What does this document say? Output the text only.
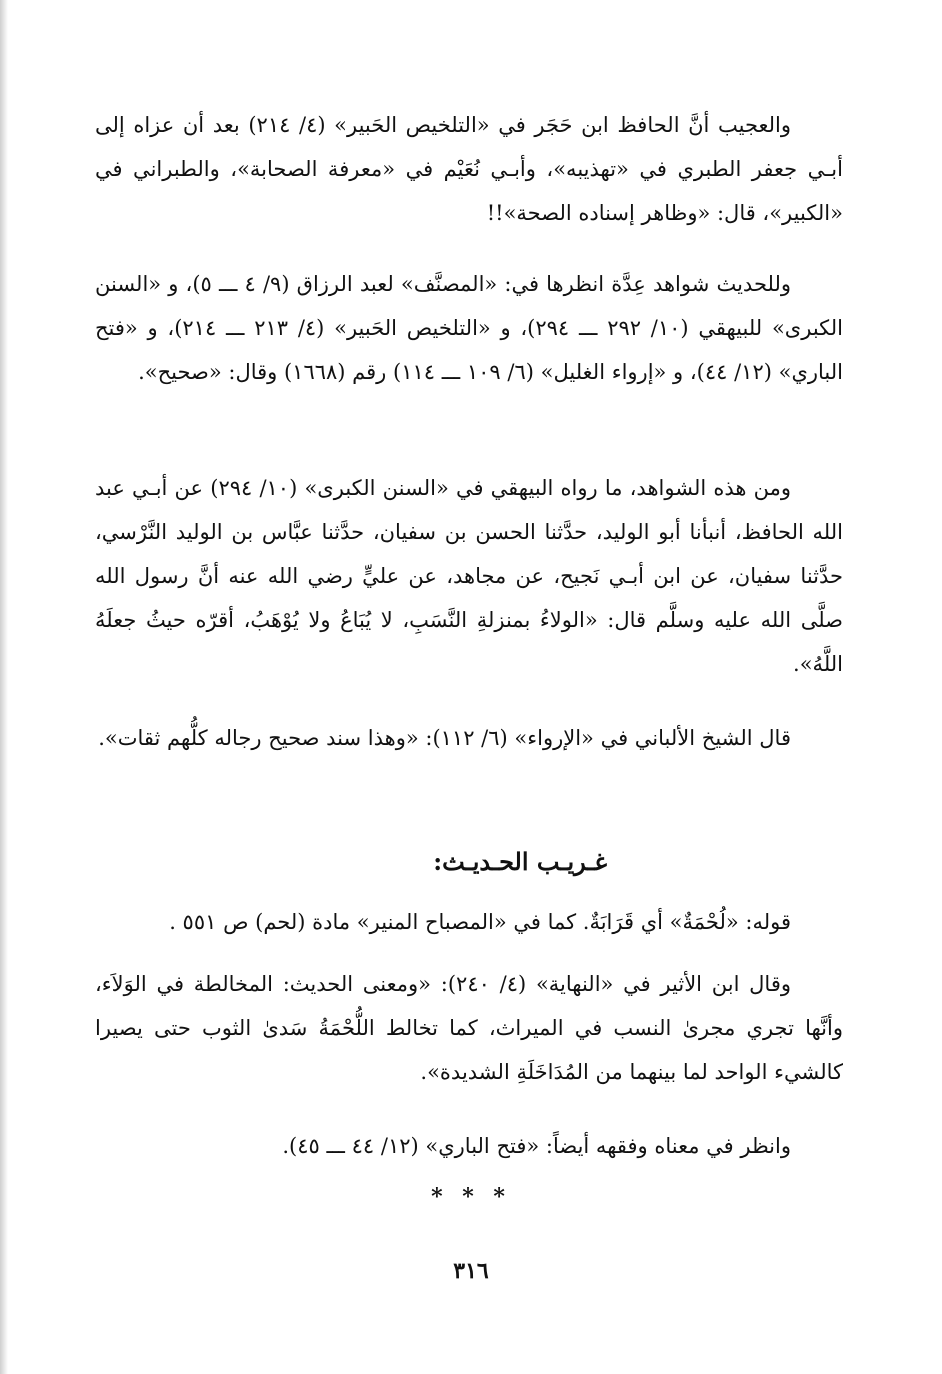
والعجيب أنَّ الحافظ ابن حَجَر في «التلخيص الحَبير» (٤/ ٢١٤) بعد أن عزاه إلى أبـي جعفر الطبري في «تهذيبه»، وأبـي نُعَيْم في «معرفة الصحابة»، والطبراني في «الكبير»، قال: «وظاهر إسناده الصحة»!!

وللحديث شواهد عِدَّة انظرها في: «المصنَّف» لعبد الرزاق (٩/ ٤ ـــ ٥)، و «السنن الكبرى» للبيهقي (١٠/ ٢٩٢ ـــ ٢٩٤)، و «التلخيص الحَبير» (٤/ ٢١٣ ـــ ٢١٤)، و «فتح الباري» (١٢/ ٤٤)، و «إرواء الغليل» (٦/ ١٠٩ ـــ ١١٤) رقم (١٦٦٨) وقال: «صحيح».

ومن هذه الشواهد، ما رواه البيهقي في «السنن الكبرى» (١٠/ ٢٩٤) عن أبـي عبد الله الحافظ، أنبأنا أبو الوليد، حدَّثنا الحسن بن سفيان، حدَّثنا عبَّاس بن الوليد النَّرْسي، حدَّثنا سفيان، عن ابن أبـي نَجيح، عن مجاهد، عن عليٍّ رضي الله عنه أنَّ رسول الله صلَّى الله عليه وسلَّم قال: «الولاءُ بمنزلةِ النَّسَبِ، لا يُبَاعُ ولا يُوْهَبُ، أقرّه حيثُ جعلَهُ اللَّهُ».

قال الشيخ الألباني في «الإرواء» (٦/ ١١٢): «وهذا سند صحيح رجاله كلُّهم ثقات».

غـريـب الحـديـث:

قوله: «لُحْمَةٌ» أي قَرَابَةٌ. كما في «المصباح المنير» مادة (لحم) ص ٥٥١ .

وقال ابن الأثير في «النهاية» (٤/ ٢٤٠): «ومعنى الحديث: المخالطة في الوَلاَء، وأنَّها تجري مجرىٰ النسب في الميراث، كما تخالط اللُّحْمَةُ سَدىٰ الثوب حتى يصيرا كالشيء الواحد لما بينهما من المُدَاخَلَةِ الشديدة».

وانظر في معناه وفقهه أيضاً: «فتح الباري» (١٢/ ٤٤ ـــ ٤٥).

* * *
٣١٦
